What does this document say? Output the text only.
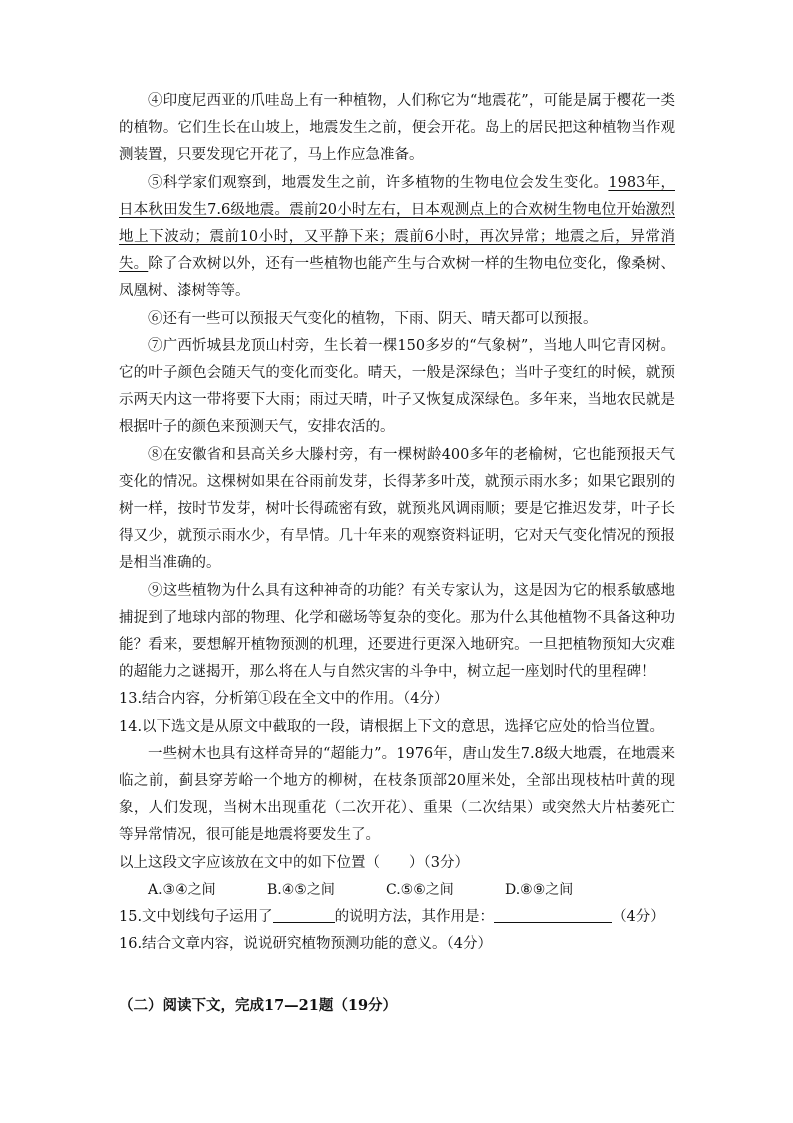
④印度尼西亚的爪哇岛上有一种植物，人们称它为“地震花”，可能是属于樱花一类的植物。它们生长在山坡上，地震发生之前，便会开花。岛上的居民把这种植物当作观测装置，只要发现它开花了，马上作应急准备。

⑤科学家们观察到，地震发生之前，许多植物的生物电位会发生变化。1983年，日本秋田发生7.6级地震。震前20小时左右，日本观测点上的合欢树生物电位开始激烈地上下波动；震前10小时，又平静下来；震前6小时，再次异常；地震之后，异常消失。除了合欢树以外，还有一些植物也能产生与合欢树一样的生物电位变化，像桑树、凤凰树、漆树等等。

⑥还有一些可以预报天气变化的植物，下雨、阴天、晴天都可以预报。

⑦广西忻城县龙顶山村旁，生长着一棵150多岁的“气象树”，当地人叫它青冈树。它的叶子颜色会随天气的变化而变化。晴天，一般是深绿色；当叶子变红的时候，就预示两天内这一带将要下大雨；雨过天晴，叶子又恢复成深绿色。多年来，当地农民就是根据叶子的颜色来预测天气，安排农活的。

⑧在安徽省和县高关乡大滕村旁，有一棵树龄400多年的老榆树，它也能预报天气变化的情况。这棵树如果在谷雨前发芽，长得茅多叶茂，就预示雨水多；如果它跟别的树一样，按时节发芽，树叶长得疏密有致，就预兆风调雨顺；要是它推迟发芽，叶子长得又少，就预示雨水少，有旱情。几十年来的观察资料证明，它对天气变化情况的预报是相当准确的。

⑨这些植物为什么具有这种神奇的功能？有关专家认为，这是因为它的根系敏感地捕捉到了地球内部的物理、化学和磁场等复杂的变化。那为什么其他植物不具备这种功能？看来，要想解开植物预测的机理，还要进行更深入地研究。一旦把植物预知大灾难的超能力之谜揭开，那么将在人与自然灾害的斗争中，树立起一座划时代的里程碑！

13.结合内容，分析第①段在全文中的作用。（4分）

14.以下选文是从原文中截取的一段，请根据上下文的意思，选择它应处的恰当位置。

一些树木也具有这样奇异的“超能力”。1976年，唐山发生7.8级大地震，在地震来临之前，蓟县穿芳峪一个地方的柳树，在枝条顶部20厘米处，全部出现枝枯叶黄的现象，人们发现，当树木出现重花（二次开花）、重果（二次结果）或突然大片枯萎死亡等异常情况，很可能是地震将要发生了。

以上这段文字应该放在文中的如下位置（　　）（3分）

A.③④之间	B.④⑤之间	C.⑤⑥之间	D.⑧⑨之间

15.文中划线句子运用了	的说明方法，其作用是：	（4分）

16.结合文章内容，说说研究植物预测功能的意义。（4分）

（二）阅读下文，完成17—21题（19分）
